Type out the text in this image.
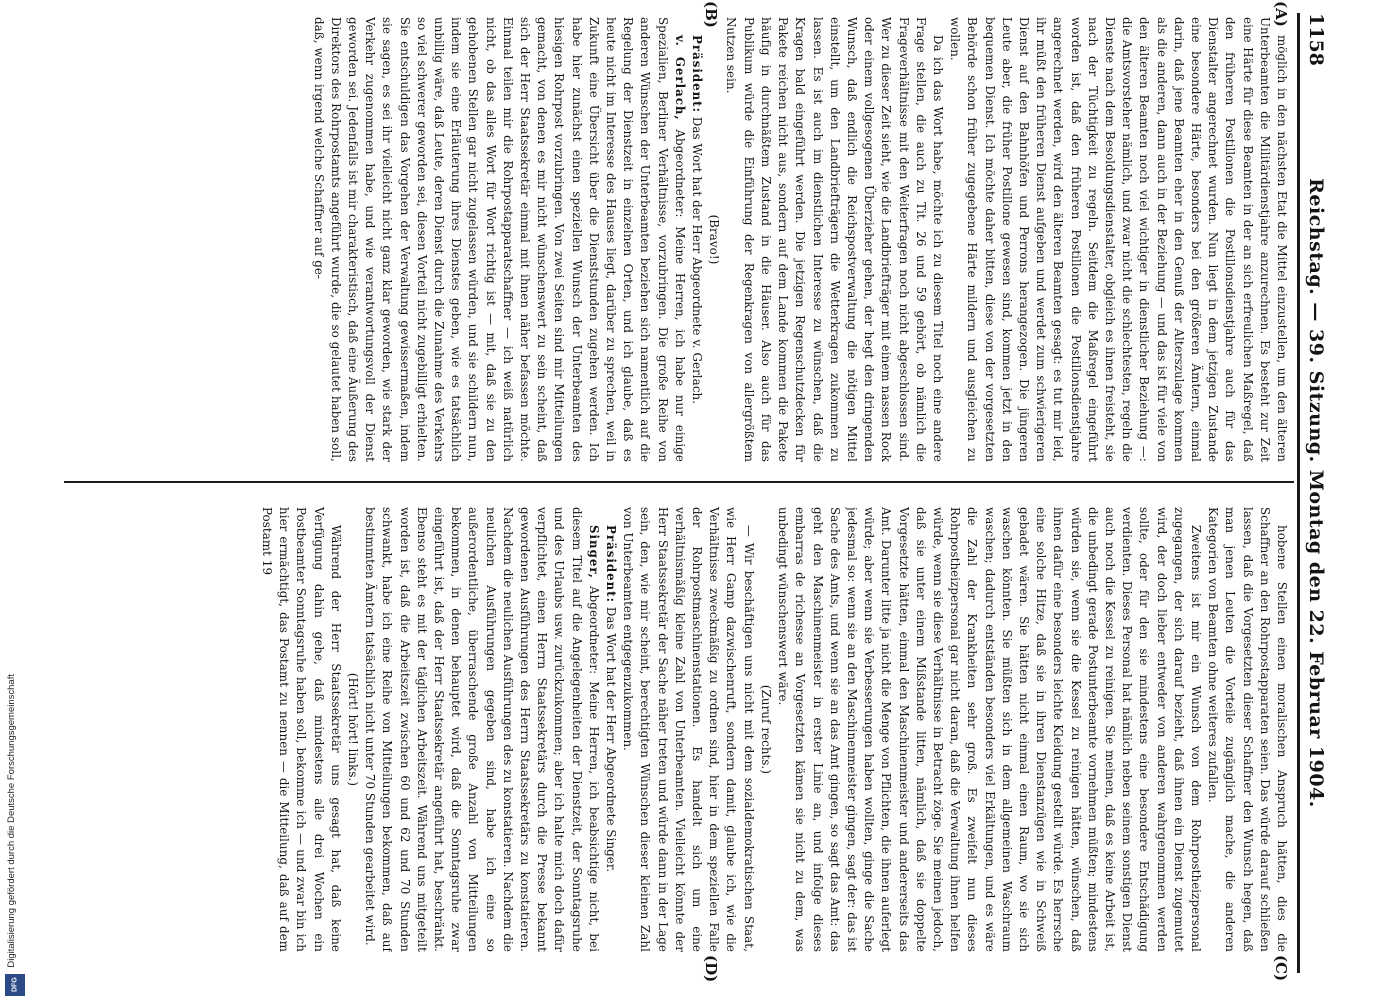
1158
Reichstag. — 39. Sitzung. Montag den 22. Februar 1904.
(A)
(B)
(C)
(D)

möglich in den nächsten Etat die Mittel einzustellen, um den älteren Unterbeamten die Militärdienstjahre anzurechnen. Es besteht zur Zeit eine Härte für diese Beamten in der an sich erfreulichen Maßregel, daß den früheren Postillonen die Postillonsdienstjahre auch für das Dienstalter angerechnet wurden. Nun liegt in dem jetzigen Zustande eine besondere Härte, besonders bei den größeren Ämtern, einmal darin, daß jene Beamten eher in den Genuß der Alterszulage kommen als die anderen, dann auch in der Beziehung — und das ist für viele von den älteren Beamten noch viel wichtiger in dienstlicher Beziehung —: die Amtsvorsteher nämlich, und zwar nicht die schlechtesten, regeln die Dienste nach dem Besoldungsdienstalter, obgleich es ihnen freisteht, sie nach der Tüchtigkeit zu regeln. Seitdem die Maßregel eingeführt worden ist, daß den früheren Postillonen die Postillonsdienstjahre angerechnet werden, wird den älteren Beamten gesagt: es tut mir leid, ihr müßt den früheren Dienst aufgeben und werdet zum schwierigeren Dienst auf den Bahnhöfen und Perrons herangezogen. Die jüngeren Leute aber, die früher Postillone gewesen sind, kommen jetzt in den bequemen Dienst. Ich möchte daher bitten, diese von der vorgesetzten Behörde schon früher zugegebene Härte mildern und ausgleichen zu wollen.

Da ich das Wort habe, möchte ich zu diesem Titel noch eine andere Frage stellen, die auch zu Tit. 26 und 59 gehört, ob nämlich die Frageverhältnisse mit den Weiterfragen noch nicht abgeschlossen sind. Wer zu dieser Zeit sieht, wie die Landbriefträger mit einem nassen Rock oder einem vollgesogenen Überzieher gehen, der hegt den dringenden Wunsch, daß endlich die Reichspostverwaltung die nötigen Mittel einstellt, um den Landbriefträgern die Wetterkragen zukommen zu lassen. Es ist auch im dienstlichen Interesse zu wünschen, daß die Kragen bald eingeführt werden. Die jetzigen Regenschutzdecken für Pakete reichen nicht aus, sondern auf dem Lande kommen die Pakete häufig in durchnäßtem Zustand in die Häuser. Also auch für das Publikum würde die Einführung der Regenkragen von allergrößtem Nutzen sein.

(Bravo!)

Präsident: Das Wort hat der Herr Abgeordnete v. Gerlach.

v. Gerlach, Abgeordneter: Meine Herren, ich habe nur einige Spezialien, Berliner Verhältnisse, vorzubringen. Die große Reihe von anderen Wünschen der Unterbeamten beziehen sich namentlich auf die Regelung der Dienstzeit in einzelnen Orten, und ich glaube, daß es heute nicht im Interesse des Hauses liegt, darüber zu sprechen, weil in Zukunft eine Übersicht über die Dienststunden zugehen werden. Ich habe hier zunächst einen speziellen Wunsch der Unterbeamten des hiesigen Rohrpost vorzubringen. Von zwei Seiten sind mir Mitteilungen gemacht, von denen es mir nicht wünschenswert zu sein scheint, daß sich der Herr Staatssekretär einmal mit ihnen näher befassen möchte. Einmal teilen mir die Rohrpostapparatschaffner — ich weiß natürlich nicht, ob das alles Wort für Wort richtig ist — mit, daß sie zu den gehobenen Stellen gar nicht zugelassen würden, und sie schildern nun, indem sie eine Erläuterung ihres Dienstes geben, wie es tatsächlich unbillig wäre, daß Leute, deren Dienst durch die Zunahme des Verkehrs so viel schwerer geworden sei, diesen Vorteil nicht zugebilligt erhielten. Sie entschuldigen das Vorgehen der Verwaltung gewissermaßen, indem sie sagen, es sei ihr vielleicht nicht ganz klar geworden, wie stark der Verkehr zugenommen habe, und wie verantwortungsvoll der Dienst geworden sei. Jedenfalls ist mir charakteristisch, daß eine Äußerung des Direktors des Rohrpostamts angeführt wurde, die so gelautet haben soll, daß, wenn irgend welche Schaffner auf ge-

hobene Stellen einen moralischen Anspruch hätten, dies die Schaffner an den Rohrpostapparaten seien. Das würde darauf schließen lassen, daß die Vorgesetzten dieser Schaffner den Wunsch hegen, daß man jenen Leuten die Vorteile zugänglich mache, die anderen Kategorien von Beamten ohne weiteres zufallen.

Zweitens ist mir ein Wunsch von dem Rohrpostheizpersonal zugegangen, der sich darauf bezieht, daß ihnen ein Dienst zugemutet wird, der doch lieber entweder von anderen wahrgenommen werden sollte, oder für den sie mindestens eine besondere Entschädigung verdienten. Dieses Personal hat nämlich neben seinem sonstigen Dienst auch noch die Kessel zu reinigen. Sie meinen, daß es keine Arbeit ist, die unbedingt gerade Postunterbeamte vornehmen müßten; mindestens würden sie, wenn sie die Kessel zu reinigen hätten, wünschen, daß ihnen dafür eine besonders leichte Kleidung gestellt würde. Es herrsche eine solche Hitze, daß sie in ihren Dienstanzügen wie in Schweiß gebadet wären. Sie hätten nicht einmal einen Raum, wo sie sich waschen könnten. Sie müßten sich in dem allgemeinen Waschraum waschen; dadurch entständen besonders viel Erkältungen, und es wäre die Zahl der Krankheiten sehr groß. Es zweifelt nun dieses Rohrpostheizpersonal gar nicht daran, daß die Verwaltung ihnen helfen würde, wenn sie diese Verhältnisse in Betracht zöge. Sie meinen jedoch, daß sie unter einem Mißstande litten, nämlich, daß sie doppelte Vorgesetzte hätten, einmal den Maschinenmeister und andererseits das Amt. Darunter litte ja nicht die Menge von Pflichten, die ihnen auferlegt würde; aber wenn sie Verbesserungen haben wollten, ginge die Sache jedesmal so: wenn sie an den Maschinenmeister gingen, sagt der: das ist Sache des Amts, und wenn sie an das Amt gingen, so sagt das Amt: das geht den Maschinenmeister in erster Linie an, und infolge dieses embarras de richesse an Vorgesetzten kämen sie nicht zu dem, was unbedingt wünschenswert wäre.

(Zuruf rechts.)

— Wir beschäftigen uns nicht mit dem sozialdemokratischen Staat, wie Herr Gamp dazwischenruft, sondern damit, glaube ich, wie die Verhältnisse zweckmäßig zu ordnen sind, hier in dem speziellen Falle der Rohrpostmaschinenstationen. Es handelt sich um eine verhältnismäßig kleine Zahl von Unterbeamten. Vielleicht könnte der Herr Staatssekretär der Sache näher treten und würde dann in der Lage sein, den, wie mir scheint, berechtigten Wünschen dieser kleinen Zahl von Unterbeamten entgegenzukommen.

Präsident: Das Wort hat der Herr Abgeordnete Singer.

Singer, Abgeordneter: Meine Herren, ich beabsichtige nicht, bei diesem Titel auf die Angelegenheiten der Dienstzeit, der Sonntagsruhe und des Urlaubs usw. zurückzukommen; aber ich halte mich doch dafür verpflichtet, einen Herrn Staatssekretärs durch die Presse bekannt gewordenen Ausführungen des Herrn Staatssekretärs zu konstatieren. Nachdem die neulichen Ausführungen des zu konstatieren. Nachdem die neulichen Ausführungen gegeben sind, habe ich eine so außerordentliche, überraschende große Anzahl von Mitteilungen bekommen, in denen behauptet wird, daß die Sonntagsruhe zwar eingeführt ist, daß der Herr Staatssekretär angeführt hat, beschränkt. Ebenso steht es mit der täglichen Arbeitszeit. Während uns mitgeteilt worden ist, daß die Arbeitszeit zwischen 60 und 62 und 70 Stunden schwankt, habe ich eine Reihe von Mitteilungen bekommen, daß auf bestimmten Ämtern tatsächlich nicht unter 70 Stunden gearbeitet wird.

(Hört! hört! links.)

Während der Herr Staatssekretär uns gesagt hat, daß keine Verfügung dahin gehe, daß mindestens alle drei Wochen ein Postbeamter Sonntagsruhe haben soll, bekomme ich — und zwar bin ich hier ermächtigt, das Postamt zu nennen — die Mitteilung, daß auf dem Postamt 19

Digitalisierung gefördert durch die Deutsche Forschungsgemeinschaft
DFG
